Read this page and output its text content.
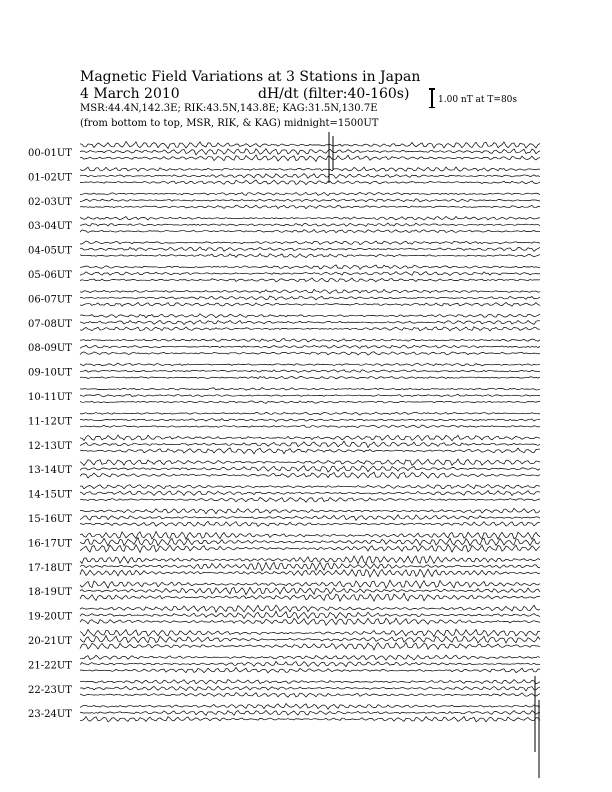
Magnetic Field Variations at 3 Stations in Japan
4 March 2010	dH/dt (filter:40-160s)
MSR:44.4N,142.3E; RIK:43.5N,143.8E; KAG:31.5N,130.7E
(from bottom to top, MSR, RIK, & KAG) midnight=1500UT
1.00 nT at T=80s
00-01UT
01-02UT
02-03UT
03-04UT
04-05UT
05-06UT
06-07UT
07-08UT
08-09UT
09-10UT
10-11UT
11-12UT
12-13UT
13-14UT
14-15UT
15-16UT
16-17UT
17-18UT
18-19UT
19-20UT
20-21UT
21-22UT
22-23UT
23-24UT
